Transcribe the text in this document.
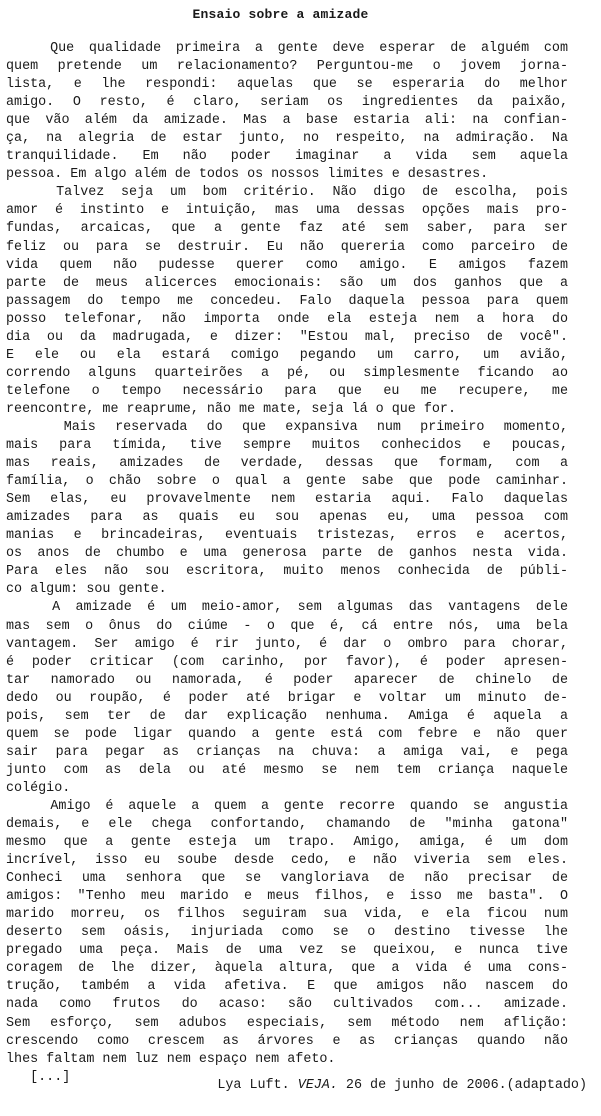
Ensaio sobre a amizade
Que qualidade primeira a gente deve esperar de alguém com
quem pretende um relacionamento? Perguntou-me o jovem jorna-
lista, e lhe respondi: aquelas que se esperaria do melhor
amigo. O resto, é claro, seriam os ingredientes da paixão,
que vão além da amizade. Mas a base estaria ali: na confian-
ça, na alegria de estar junto, no respeito, na admiração. Na
tranquilidade. Em não poder imaginar a vida sem aquela
pessoa. Em algo além de todos os nossos limites e desastres.
Talvez seja um bom critério. Não digo de escolha, pois
amor é instinto e intuição, mas uma dessas opções mais pro-
fundas, arcaicas, que a gente faz até sem saber, para ser
feliz ou para se destruir. Eu não quereria como parceiro de
vida quem não pudesse querer como amigo. E amigos fazem
parte de meus alicerces emocionais: são um dos ganhos que a
passagem do tempo me concedeu. Falo daquela pessoa para quem
posso telefonar, não importa onde ela esteja nem a hora do
dia ou da madrugada, e dizer: "Estou mal, preciso de você".
E ele ou ela estará comigo pegando um carro, um avião,
correndo alguns quarteirões a pé, ou simplesmente ficando ao
telefone o tempo necessário para que eu me recupere, me
reencontre, me reaprume, não me mate, seja lá o que for.
Mais reservada do que expansiva num primeiro momento,
mais para tímida, tive sempre muitos conhecidos e poucas,
mas reais, amizades de verdade, dessas que formam, com a
família, o chão sobre o qual a gente sabe que pode caminhar.
Sem elas, eu provavelmente nem estaria aqui. Falo daquelas
amizades para as quais eu sou apenas eu, uma pessoa com
manias e brincadeiras, eventuais tristezas, erros e acertos,
os anos de chumbo e uma generosa parte de ganhos nesta vida.
Para eles não sou escritora, muito menos conhecida de públi-
co algum: sou gente.
A amizade é um meio-amor, sem algumas das vantagens dele
mas sem o ônus do ciúme - o que é, cá entre nós, uma bela
vantagem. Ser amigo é rir junto, é dar o ombro para chorar,
é poder criticar (com carinho, por favor), é poder apresen-
tar namorado ou namorada, é poder aparecer de chinelo de
dedo ou roupão, é poder até brigar e voltar um minuto de-
pois, sem ter de dar explicação nenhuma. Amiga é aquela a
quem se pode ligar quando a gente está com febre e não quer
sair para pegar as crianças na chuva: a amiga vai, e pega
junto com as dela ou até mesmo se nem tem criança naquele
colégio.
Amigo é aquele a quem a gente recorre quando se angustia
demais, e ele chega confortando, chamando de "minha gatona"
mesmo que a gente esteja um trapo. Amigo, amiga, é um dom
incrível, isso eu soube desde cedo, e não viveria sem eles.
Conheci uma senhora que se vangloriava de não precisar de
amigos: "Tenho meu marido e meus filhos, e isso me basta". O
marido morreu, os filhos seguiram sua vida, e ela ficou num
deserto sem oásis, injuriada como se o destino tivesse lhe
pregado uma peça. Mais de uma vez se queixou, e nunca tive
coragem de lhe dizer, àquela altura, que a vida é uma cons-
trução, também a vida afetiva. E que amigos não nascem do
nada como frutos do acaso: são cultivados com... amizade.
Sem esforço, sem adubos especiais, sem método nem aflição:
crescendo como crescem as árvores e as crianças quando não
lhes faltam nem luz nem espaço nem afeto.
[...]
Lya Luft. VEJA. 26 de junho de 2006.(adaptado)
